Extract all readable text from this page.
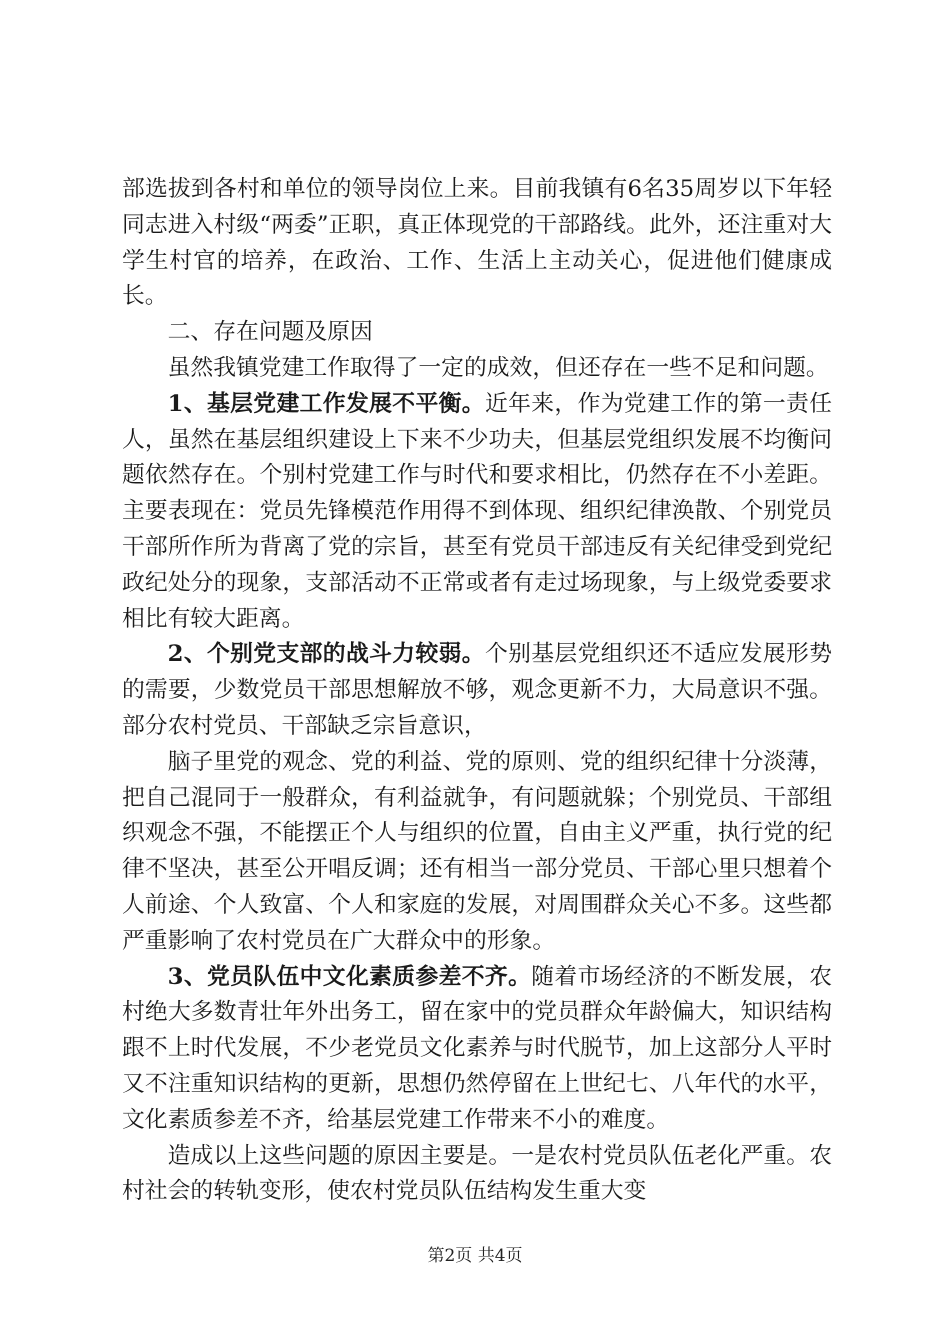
部选拔到各村和单位的领导岗位上来。目前我镇有6名35周岁以下年轻同志进入村级“两委”正职，真正体现党的干部路线。此外，还注重对大学生村官的培养，在政治、工作、生活上主动关心，促进他们健康成长。

二、存在问题及原因

虽然我镇党建工作取得了一定的成效，但还存在一些不足和问题。

1、基层党建工作发展不平衡。近年来，作为党建工作的第一责任人，虽然在基层组织建设上下来不少功夫，但基层党组织发展不均衡问题依然存在。个别村党建工作与时代和要求相比，仍然存在不小差距。主要表现在：党员先锋模范作用得不到体现、组织纪律涣散、个别党员干部所作所为背离了党的宗旨，甚至有党员干部违反有关纪律受到党纪政纪处分的现象，支部活动不正常或者有走过场现象，与上级党委要求相比有较大距离。

2、个别党支部的战斗力较弱。个别基层党组织还不适应发展形势的需要，少数党员干部思想解放不够，观念更新不力，大局意识不强。部分农村党员、干部缺乏宗旨意识，

脑子里党的观念、党的利益、党的原则、党的组织纪律十分淡薄，把自己混同于一般群众，有利益就争，有问题就躲；个别党员、干部组织观念不强，不能摆正个人与组织的位置，自由主义严重，执行党的纪律不坚决，甚至公开唱反调；还有相当一部分党员、干部心里只想着个人前途、个人致富、个人和家庭的发展，对周围群众关心不多。这些都严重影响了农村党员在广大群众中的形象。

3、党员队伍中文化素质参差不齐。随着市场经济的不断发展，农村绝大多数青壮年外出务工，留在家中的党员群众年龄偏大，知识结构跟不上时代发展，不少老党员文化素养与时代脱节，加上这部分人平时又不注重知识结构的更新，思想仍然停留在上世纪七、八年代的水平，文化素质参差不齐，给基层党建工作带来不小的难度。

造成以上这些问题的原因主要是。一是农村党员队伍老化严重。农村社会的转轨变形，使农村党员队伍结构发生重大变

第2页 共4页
